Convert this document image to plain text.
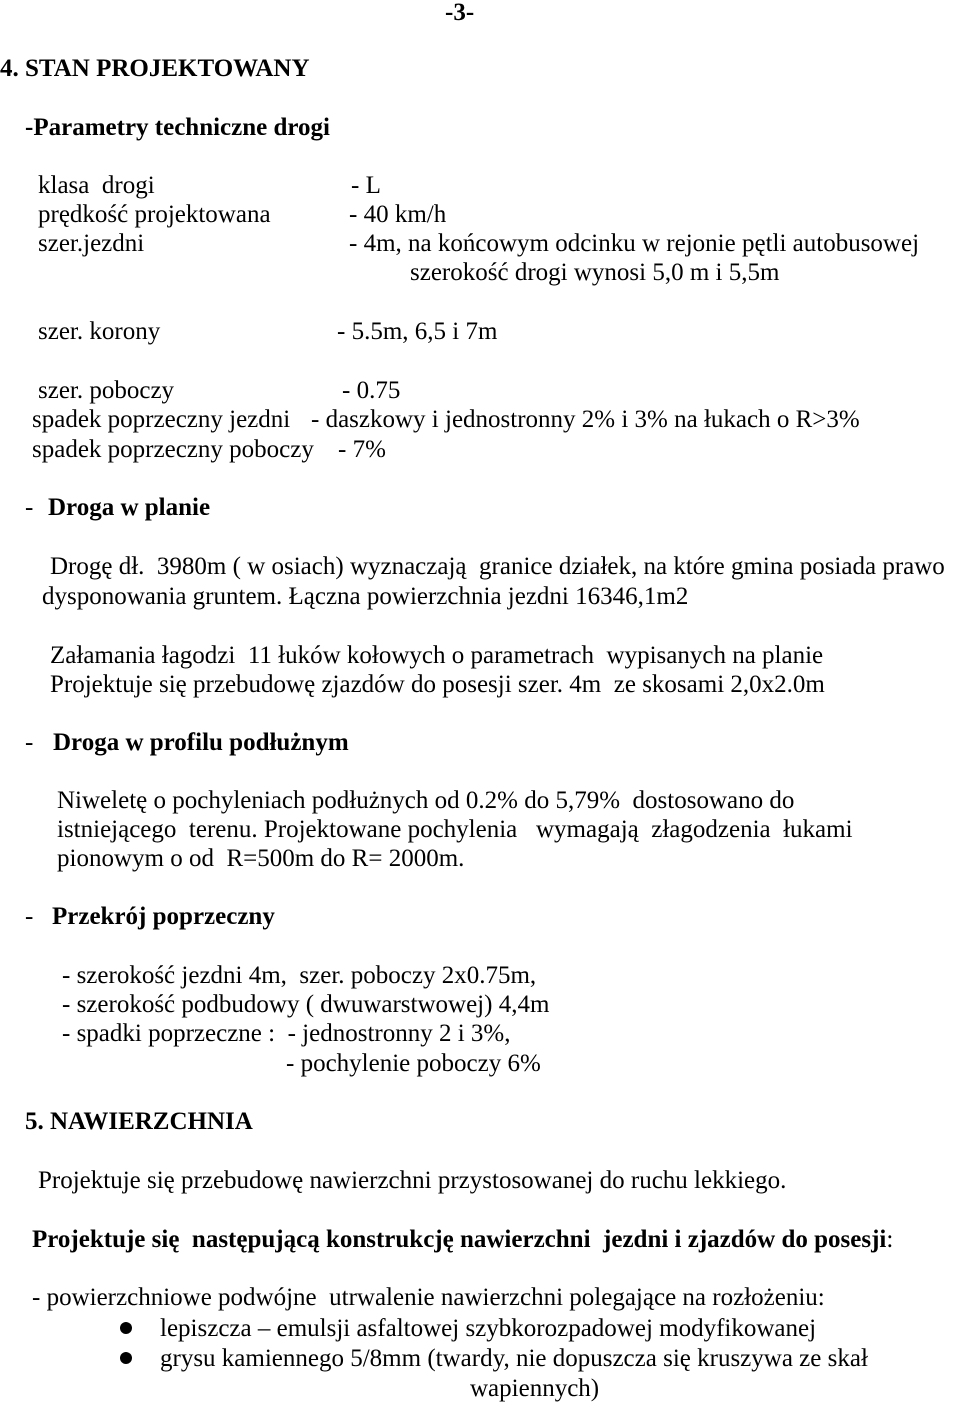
-3-
4. STAN PROJEKTOWANY
-Parametry techniczne drogi
klasa  drogi	- L
prędkość projektowana	- 40 km/h
szer.jezdni	- 4m, na końcowym odcinku w rejonie pętli autobusowej
szerokość drogi wynosi 5,0 m i 5,5m
szer. korony	- 5.5m, 6,5 i 7m
szer. poboczy	- 0.75
spadek poprzeczny jezdni - daszkowy i jednostronny 2% i 3% na łukach o R>3%
spadek poprzeczny poboczy - 7%
- Droga w planie
Drogę dł.  3980m ( w osiach) wyznaczają  granice działek, na które gmina posiada prawo
dysponowania gruntem. Łączna powierzchnia jezdni 16346,1m2
Załamania łagodzi  11 łuków kołowych o parametrach  wypisanych na planie
Projektuje się przebudowę zjazdów do posesji szer. 4m  ze skosami 2,0x2.0m
- Droga w profilu podłużnym
Niweletę o pochyleniach podłużnych od 0.2% do 5,79%  dostosowano do
istniejącego  terenu. Projektowane pochylenia   wymagają  złagodzenia  łukami
pionowym o od  R=500m do R= 2000m.
- Przekrój poprzeczny
- szerokość jezdni 4m,  szer. poboczy 2x0.75m,
- szerokość podbudowy ( dwuwarstwowej) 4,4m
- spadki poprzeczne :  - jednostronny 2 i 3%,
- pochylenie poboczy 6%
5. NAWIERZCHNIA
Projektuje się przebudowę nawierzchni przystosowanej do ruchu lekkiego.
Projektuje się  następującą konstrukcję nawierzchni  jezdni i zjazdów do posesji:
- powierzchniowe podwójne  utrwalenie nawierzchni polegające na rozłożeniu:
lepiszcza – emulsji asfaltowej szybkorozpadowej modyfikowanej
grysu kamiennego 5/8mm (twardy, nie dopuszcza się kruszywa ze skał
wapiennych)
